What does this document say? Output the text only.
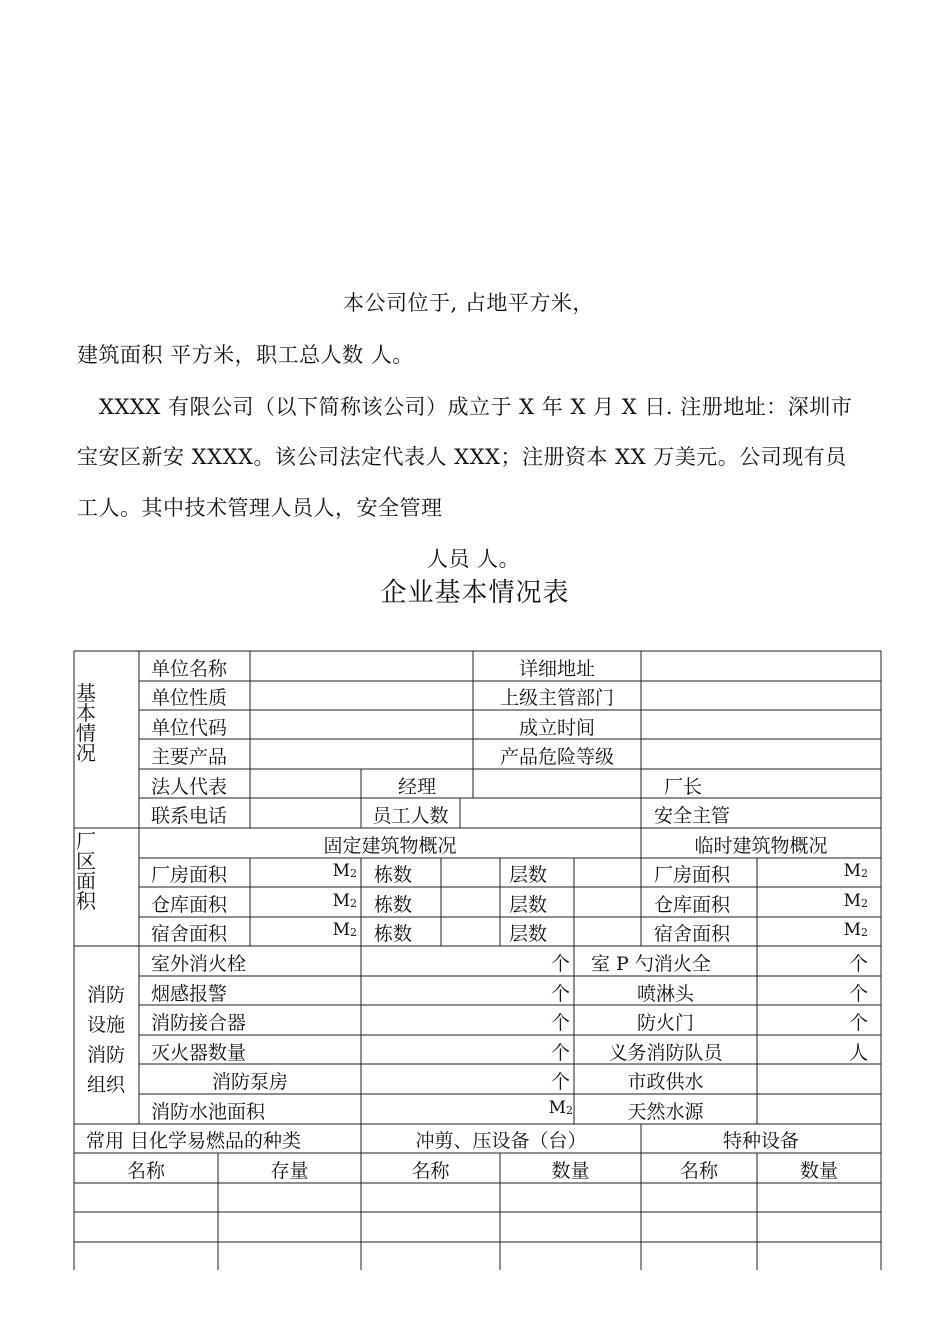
本公司位于, 占地平方米，
建筑面积 平方米，职工总人数 人。
XXXX 有限公司（以下简称该公司）成立于 X 年 X 月 X 日. 注册地址：深圳市
宝安区新安 XXXX。该公司法定代表人 XXX；注册资本 XX 万美元。公司现有员
工人。其中技术管理人员人，安全管理
人员 人。
企业基本情况表
基
本
情
况
厂
区
面
积
消防
设施
消防
组织
单位名称	详细地址
单位性质	上级主管部门
单位代码	成立时间
主要产品	产品危险等级
法人代表	经理	厂长
联系电话	员工人数	安全主管
固定建筑物概况	临时建筑物概况
厂房面积	$M_2$ 栋数	层数	厂房面积	$M_2$
仓库面积	$M_2$ 栋数	层数	仓库面积	$M_2$
宿舍面积	$M_2$ 栋数	层数	宿舍面积	$M_2$
室外消火栓	个 室 P 勺消火全	个
烟感报警	个	喷淋头	个
消防接合器	个	防火门	个
灭火器数量	个	义务消防队员	人
消防泵房	个	市政供水
消防水池面积	$M_2$	天然水源
常用 目化学易燃品的种类	冲剪、压设备（台）	特种设备
名称	存量	名称	数量	名称	数量
